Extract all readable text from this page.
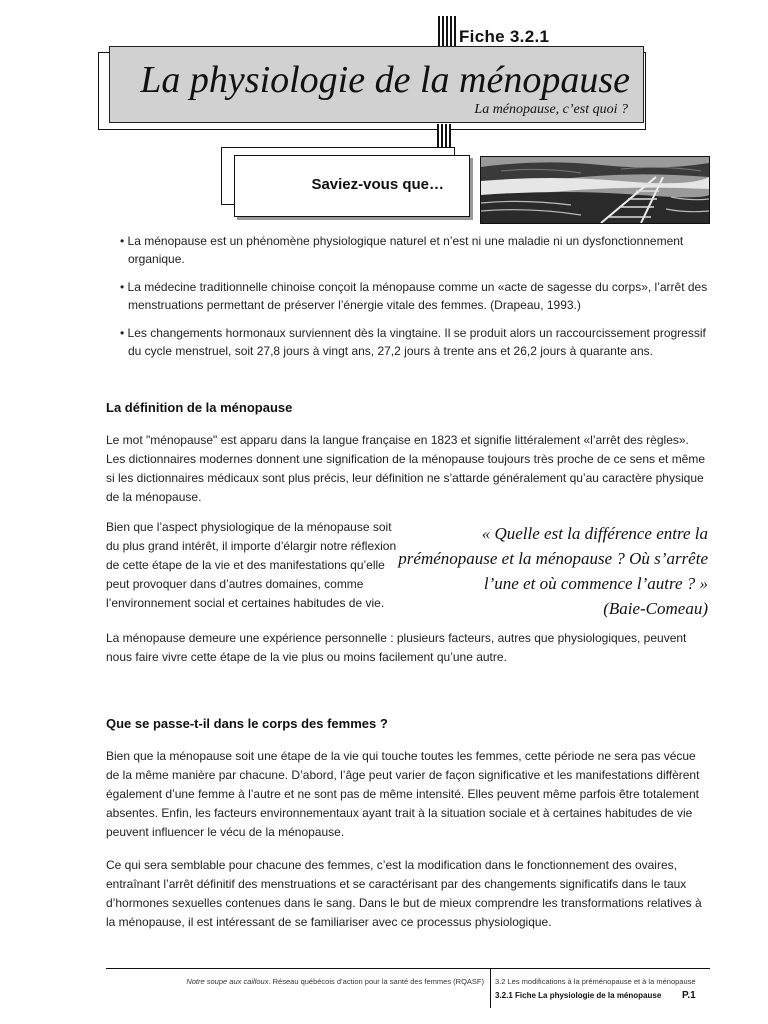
Fiche 3.2.1
La physiologie de la ménopause
La ménopause, c’est quoi ?
Saviez-vous que…
• La ménopause est un phénomène physiologique naturel et n’est ni une maladie ni un dysfonctionnement organique.
• La médecine traditionnelle chinoise conçoit la ménopause comme un «acte de sagesse du corps», l’arrêt des menstruations permettant de préserver l’énergie vitale des femmes. (Drapeau, 1993.)
• Les changements hormonaux surviennent dès la vingtaine. Il se produit alors un raccourcissement progressif du cycle menstruel, soit 27,8 jours à vingt ans, 27,2 jours à trente ans et 26,2 jours à quarante ans.
La définition de la ménopause

Le mot "ménopause" est apparu dans la langue française en 1823 et signifie littéralement «l’arrêt des règles». Les dictionnaires modernes donnent une signification de la ménopause toujours très proche de ce sens et même si les dictionnaires médicaux sont plus précis, leur définition ne s’attarde généralement qu’au caractère physique de la ménopause.

Bien que l’aspect physiologique de la ménopause soit du plus grand intérêt, il importe d’élargir notre réflexion de cette étape de la vie et des manifestations qu’elle peut provoquer dans d’autres domaines, comme l’environnement social et certaines habitudes de vie.

« Quelle est la différence entre la préménopause et la ménopause ? Où s’arrête l’une et où commence l’autre ? »
(Baie-Comeau)

La ménopause demeure une expérience personnelle : plusieurs facteurs, autres que physiologiques, peuvent nous faire vivre cette étape de la vie plus ou moins facilement qu’une autre.

Que se passe-t-il dans le corps des femmes ?

Bien que la ménopause soit une étape de la vie qui touche toutes les femmes, cette période ne sera pas vécue de la même manière par chacune. D’abord, l’âge peut varier de façon significative et les manifestations diffèrent également d’une femme à l’autre et ne sont pas de même intensité. Elles peuvent même parfois être totalement absentes. Enfin, les facteurs environnementaux ayant trait à la situation sociale et à certaines habitudes de vie peuvent influencer le vécu de la ménopause.

Ce qui sera semblable pour chacune des femmes, c’est la modification dans le fonctionnement des ovaires, entraînant l’arrêt définitif des menstruations et se caractérisant par des changements significatifs dans le taux d’hormones sexuelles contenues dans le sang. Dans le but de mieux comprendre les transformations relatives à la ménopause, il est intéressant de se familiariser avec ce processus physiologique.

Notre soupe aux cailloux. Réseau québécois d’action pour la santé des femmes (RQASF) 3.2 Les modifications à la préménopause et à la ménopause
3.2.1 Fiche La physiologie de la ménopause P.1
